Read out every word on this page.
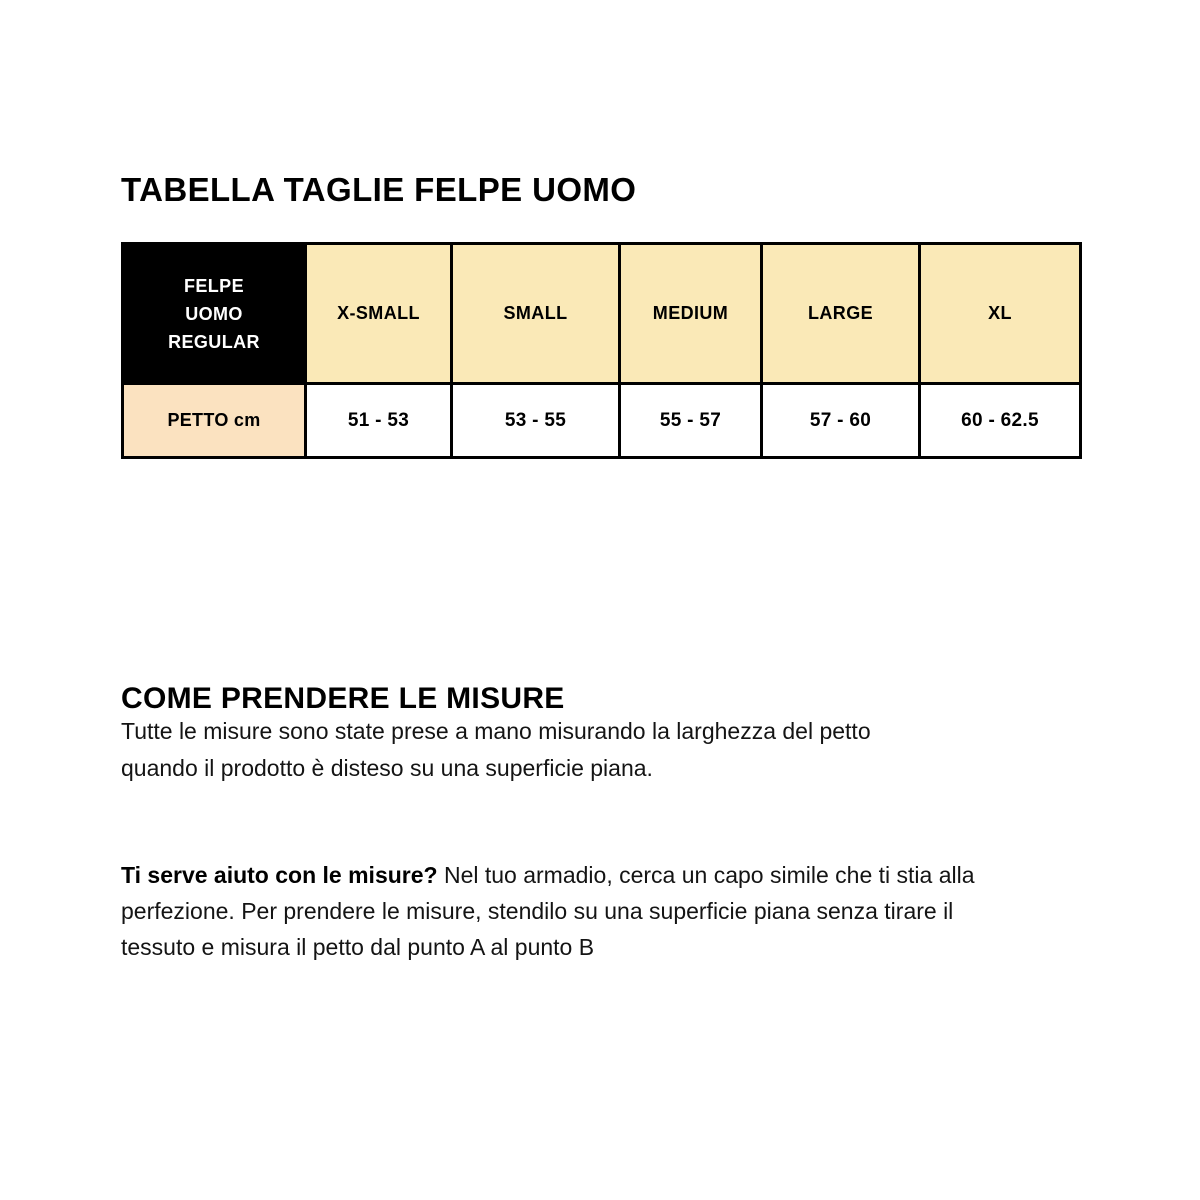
TABELLA TAGLIE FELPE UOMO
FELPE
UOMO
REGULAR	X-SMALL	SMALL	MEDIUM	LARGE	XL
PETTO cm	51 - 53	53 - 55	55 - 57	57 - 60	60 - 62.5
COME PRENDERE LE MISURE
Tutte le misure sono state prese a mano misurando la larghezza del petto
quando il prodotto è disteso su una superficie piana.
Ti serve aiuto con le misure? Nel tuo armadio, cerca un capo simile che ti stia alla
perfezione. Per prendere le misure, stendilo su una superficie piana senza tirare il
tessuto e misura il petto dal punto A al punto B
